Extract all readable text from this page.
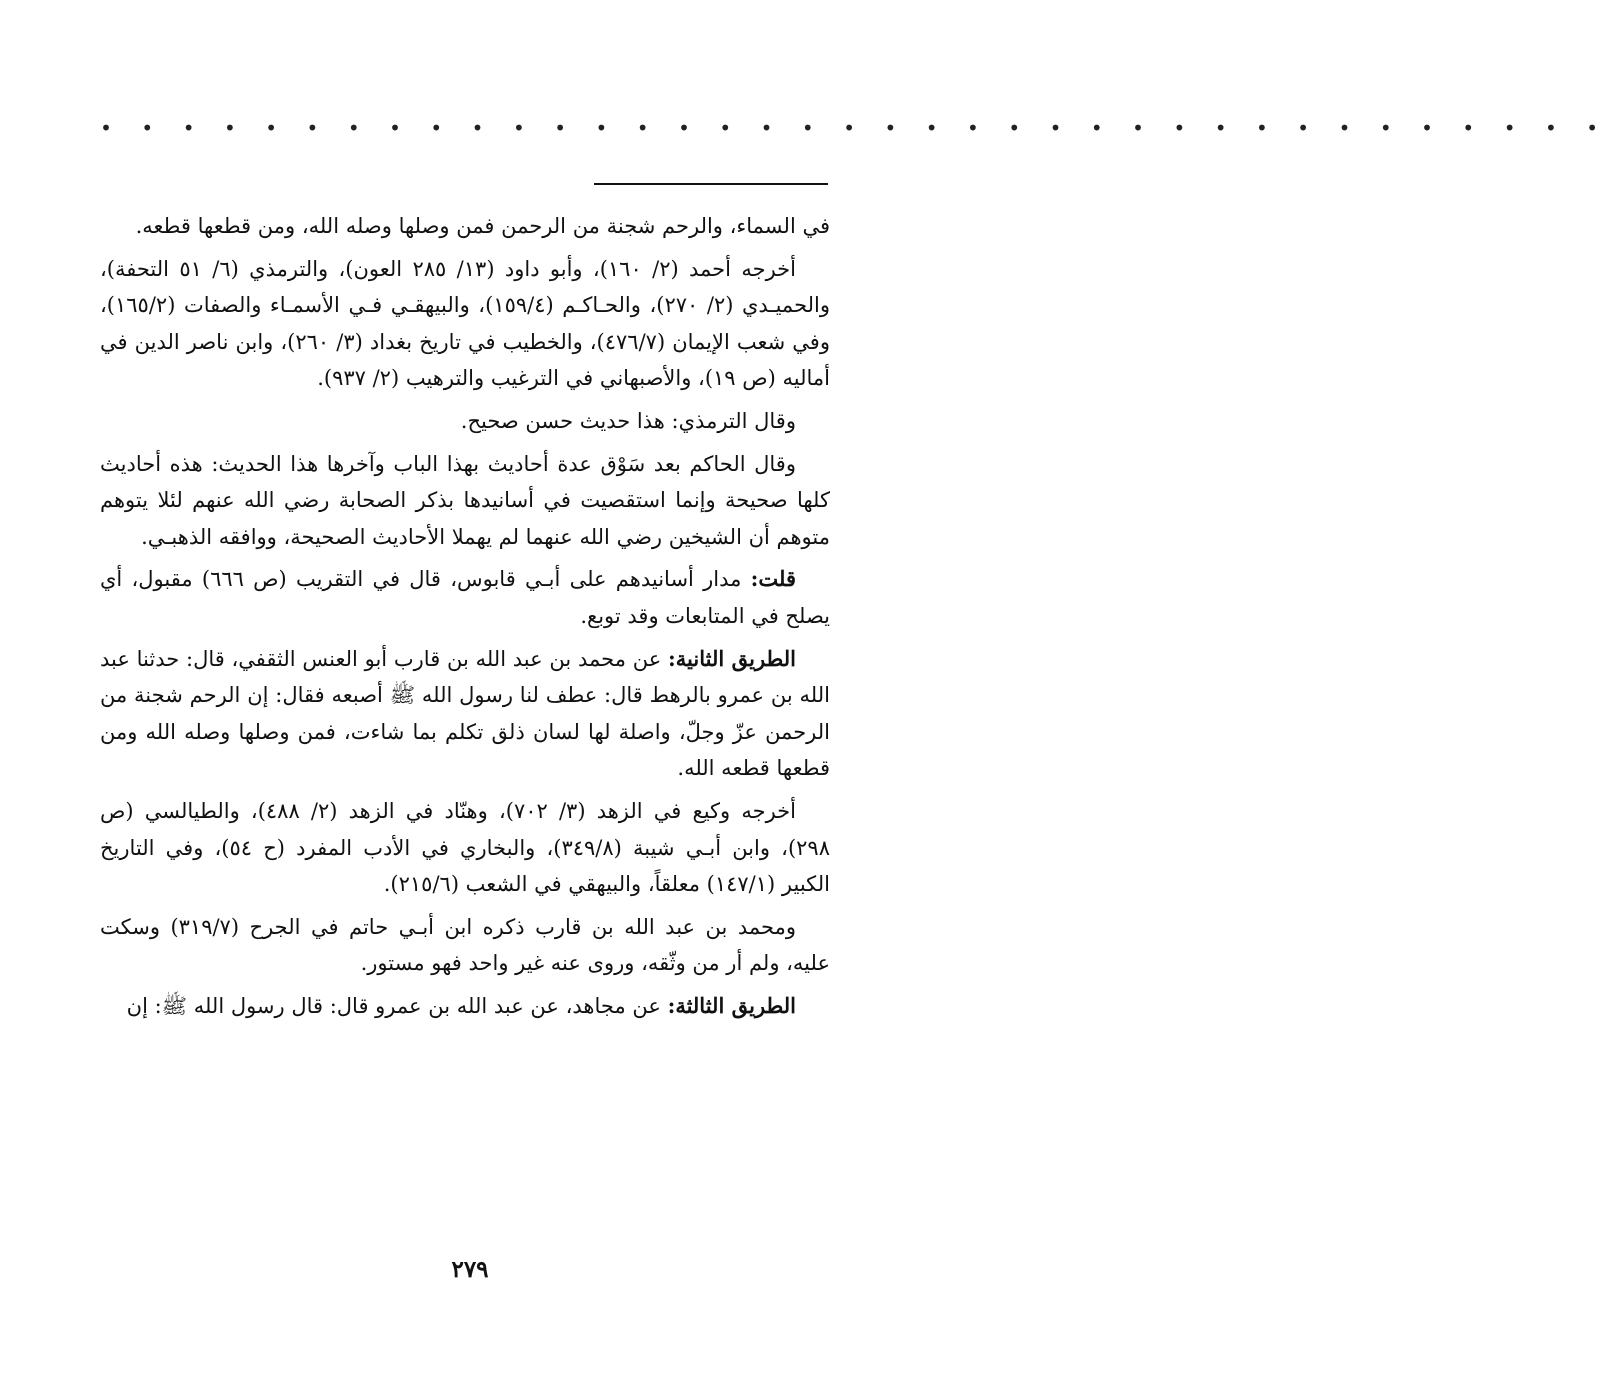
• • • • • • • • • • • • • • • • • • • • • • • • • • • • • • • • • • • • •

في السماء، والرحم شجنة من الرحمن فمن وصلها وصله الله، ومن قطعها قطعه.

أخرجه أحمد (٢/ ١٦٠)، وأبو داود (١٣/ ٢٨٥ العون)، والترمذي (٦/ ٥١ التحفة)، والحميـدي (٢/ ٢٧٠)، والحـاكـم (١٥٩/٤)، والبيهقـي فـي الأسمـاء والصفات (١٦٥/٢)، وفي شعب الإيمان (٤٧٦/٧)، والخطيب في تاريخ بغداد (٣/ ٢٦٠)، وابن ناصر الدين في أماليه (ص ١٩)، والأصبهاني في الترغيب والترهيب (٢/ ٩٣٧).

وقال الترمذي: هذا حديث حسن صحيح.

وقال الحاكم بعد سَوْق عدة أحاديث بهذا الباب وآخرها هذا الحديث: هذه أحاديث كلها صحيحة وإنما استقصيت في أسانيدها بذكر الصحابة رضي الله عنهم لئلا يتوهم متوهم أن الشيخين رضي الله عنهما لم يهملا الأحاديث الصحيحة، ووافقه الذهبـي.

قلت: مدار أسانيدهم على أبـي قابوس، قال في التقريب (ص ٦٦٦) مقبول، أي يصلح في المتابعات وقد توبع.

الطريق الثانية: عن محمد بن عبد الله بن قارب أبو العنس الثقفي، قال: حدثنا عبد الله بن عمرو بالرهط قال: عطف لنا رسول الله ﷺ أصبعه فقال: إن الرحم شجنة من الرحمن عزّ وجلّ، واصلة لها لسان ذلق تكلم بما شاءت، فمن وصلها وصله الله ومن قطعها قطعه الله.

أخرجه وكيع في الزهد (٣/ ٧٠٢)، وهنّاد في الزهد (٢/ ٤٨٨)، والطيالسي (ص ٢٩٨)، وابن أبـي شيبة (٣٤٩/٨)، والبخاري في الأدب المفرد (ح ٥٤)، وفي التاريخ الكبير (١٤٧/١) معلقاً، والبيهقي في الشعب (٢١٥/٦).

ومحمد بن عبد الله بن قارب ذكره ابن أبـي حاتم في الجرح (٣١٩/٧) وسكت عليه، ولم أر من وثّقه، وروى عنه غير واحد فهو مستور.

الطريق الثالثة: عن مجاهد، عن عبد الله بن عمرو قال: قال رسول الله ﷺ: إن

٢٧٩
